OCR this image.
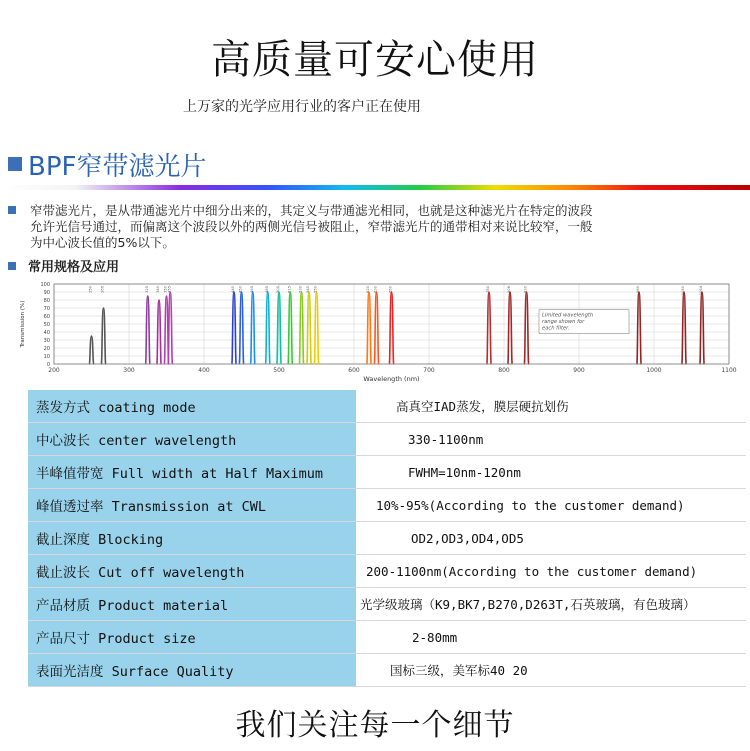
高质量可安心使用
上万家的光学应用行业的客户正在使用
BPF窄带滤光片
窄带滤光片，是从带通滤光片中细分出来的，其定义与带通滤光相同，也就是这种滤光片在特定的波段
允许光信号通过，而偏离这个波段以外的两侧光信号被阻止，窄带滤光片的通带相对来说比较窄，一般
为中心波长值的5%以下。
常用规格及应用
0
10
20
30
40
50
60
70
80
90
100
200	300	400	500	600	700	800	900	1000	1100
250 266	325 340 350 355	440 450 465	485 500 515 530 540 550	620 630	650	780	808	830	980	1040	1064
Limited wavelength
range shown for
each filter.
Wavelength (nm)
Transmission (%)
蒸发方式 coating mode	高真空IAD蒸发，膜层硬抗划伤
中心波长 center wavelength	330-1100nm
半峰值带宽 Full width at Half Maximum	FWHM=10nm-120nm
峰值透过率 Transmission at CWL	10%-95%(According to the customer demand)
截止深度 Blocking	OD2,OD3,OD4,OD5
截止波长 Cut off wavelength	200-1100nm(According to the customer demand)
产品材质 Product material	光学级玻璃（K9,BK7,B270,D263T,石英玻璃，有色玻璃）
产品尺寸 Product size	2-80mm
表面光洁度 Surface Quality	国标三级，美军标40 20
我们关注每一个细节
